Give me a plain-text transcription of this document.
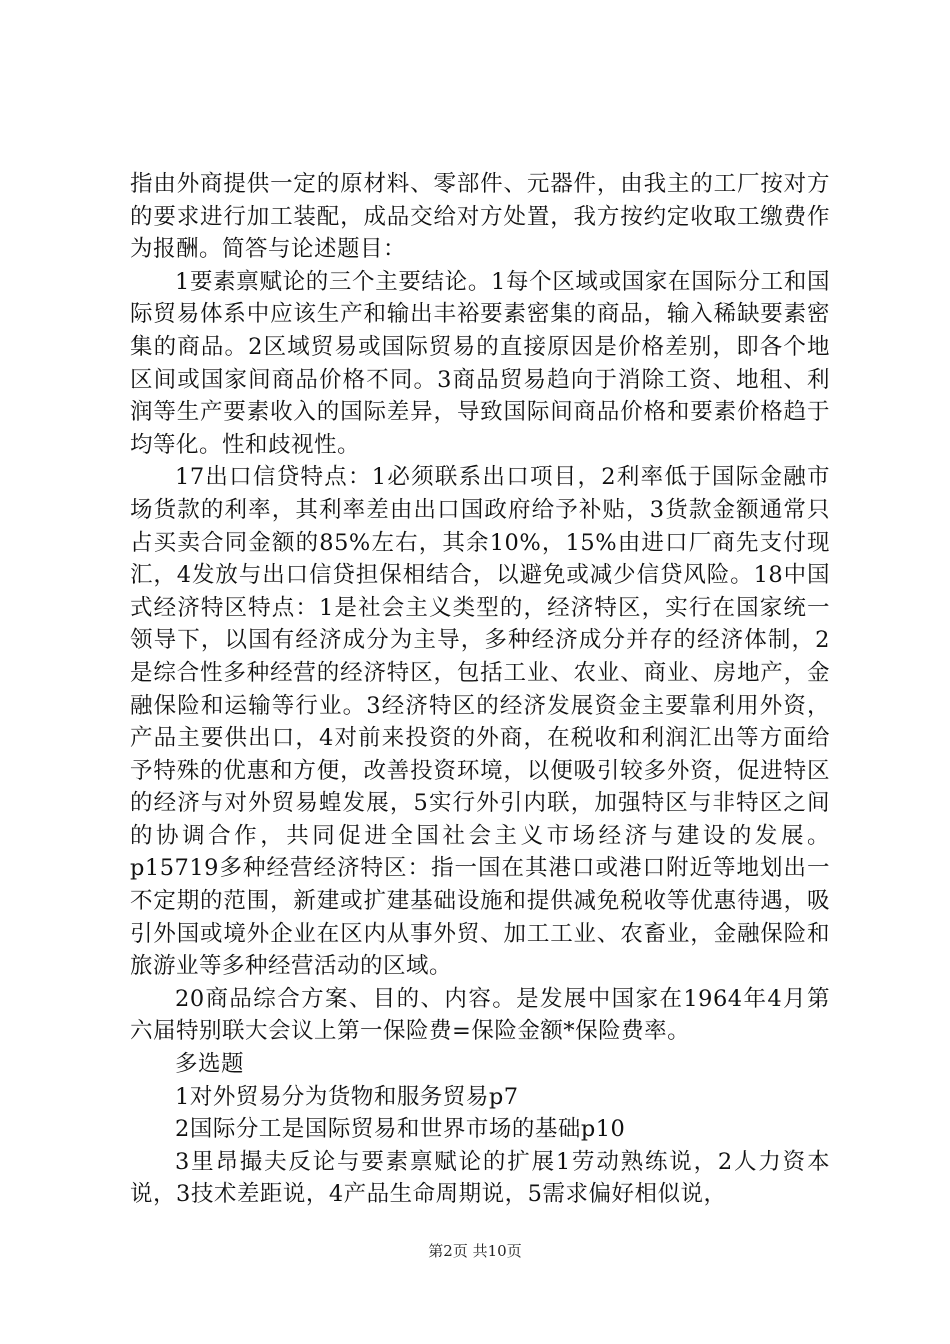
指由外商提供一定的原材料、零部件、元器件，由我主的工厂按对方的要求进行加工装配，成品交给对方处置，我方按约定收取工缴费作为报酬。简答与论述题目：

1要素禀赋论的三个主要结论。1每个区域或国家在国际分工和国际贸易体系中应该生产和输出丰裕要素密集的商品，输入稀缺要素密集的商品。2区域贸易或国际贸易的直接原因是价格差别，即各个地区间或国家间商品价格不同。3商品贸易趋向于消除工资、地租、利润等生产要素收入的国际差异，导致国际间商品价格和要素价格趋于均等化。性和歧视性。

17出口信贷特点：1必须联系出口项目，2利率低于国际金融市场货款的利率，其利率差由出口国政府给予补贴，3货款金额通常只占买卖合同金额的85%左右，其余10%，15%由进口厂商先支付现汇，4发放与出口信贷担保相结合，以避免或减少信贷风险。18中国式经济特区特点：1是社会主义类型的，经济特区，实行在国家统一领导下，以国有经济成分为主导，多种经济成分并存的经济体制，2是综合性多种经营的经济特区，包括工业、农业、商业、房地产，金融保险和运输等行业。3经济特区的经济发展资金主要靠利用外资，产品主要供出口，4对前来投资的外商，在税收和利润汇出等方面给予特殊的优惠和方便，改善投资环境，以便吸引较多外资，促进特区的经济与对外贸易蝗发展，5实行外引内联，加强特区与非特区之间的协调合作，共同促进全国社会主义市场经济与建设的发展。p15719多种经营经济特区：指一国在其港口或港口附近等地划出一不定期的范围，新建或扩建基础设施和提供减免税收等优惠待遇，吸引外国或境外企业在区内从事外贸、加工工业、农畜业，金融保险和旅游业等多种经营活动的区域。

20商品综合方案、目的、内容。是发展中国家在1964年4月第六届特别联大会议上第一保险费=保险金额*保险费率。

多选题

1对外贸易分为货物和服务贸易p7

2国际分工是国际贸易和世界市场的基础p10

3里昂撮夫反论与要素禀赋论的扩展1劳动熟练说，2人力资本说，3技术差距说，4产品生命周期说，5需求偏好相似说，

第2页 共10页
